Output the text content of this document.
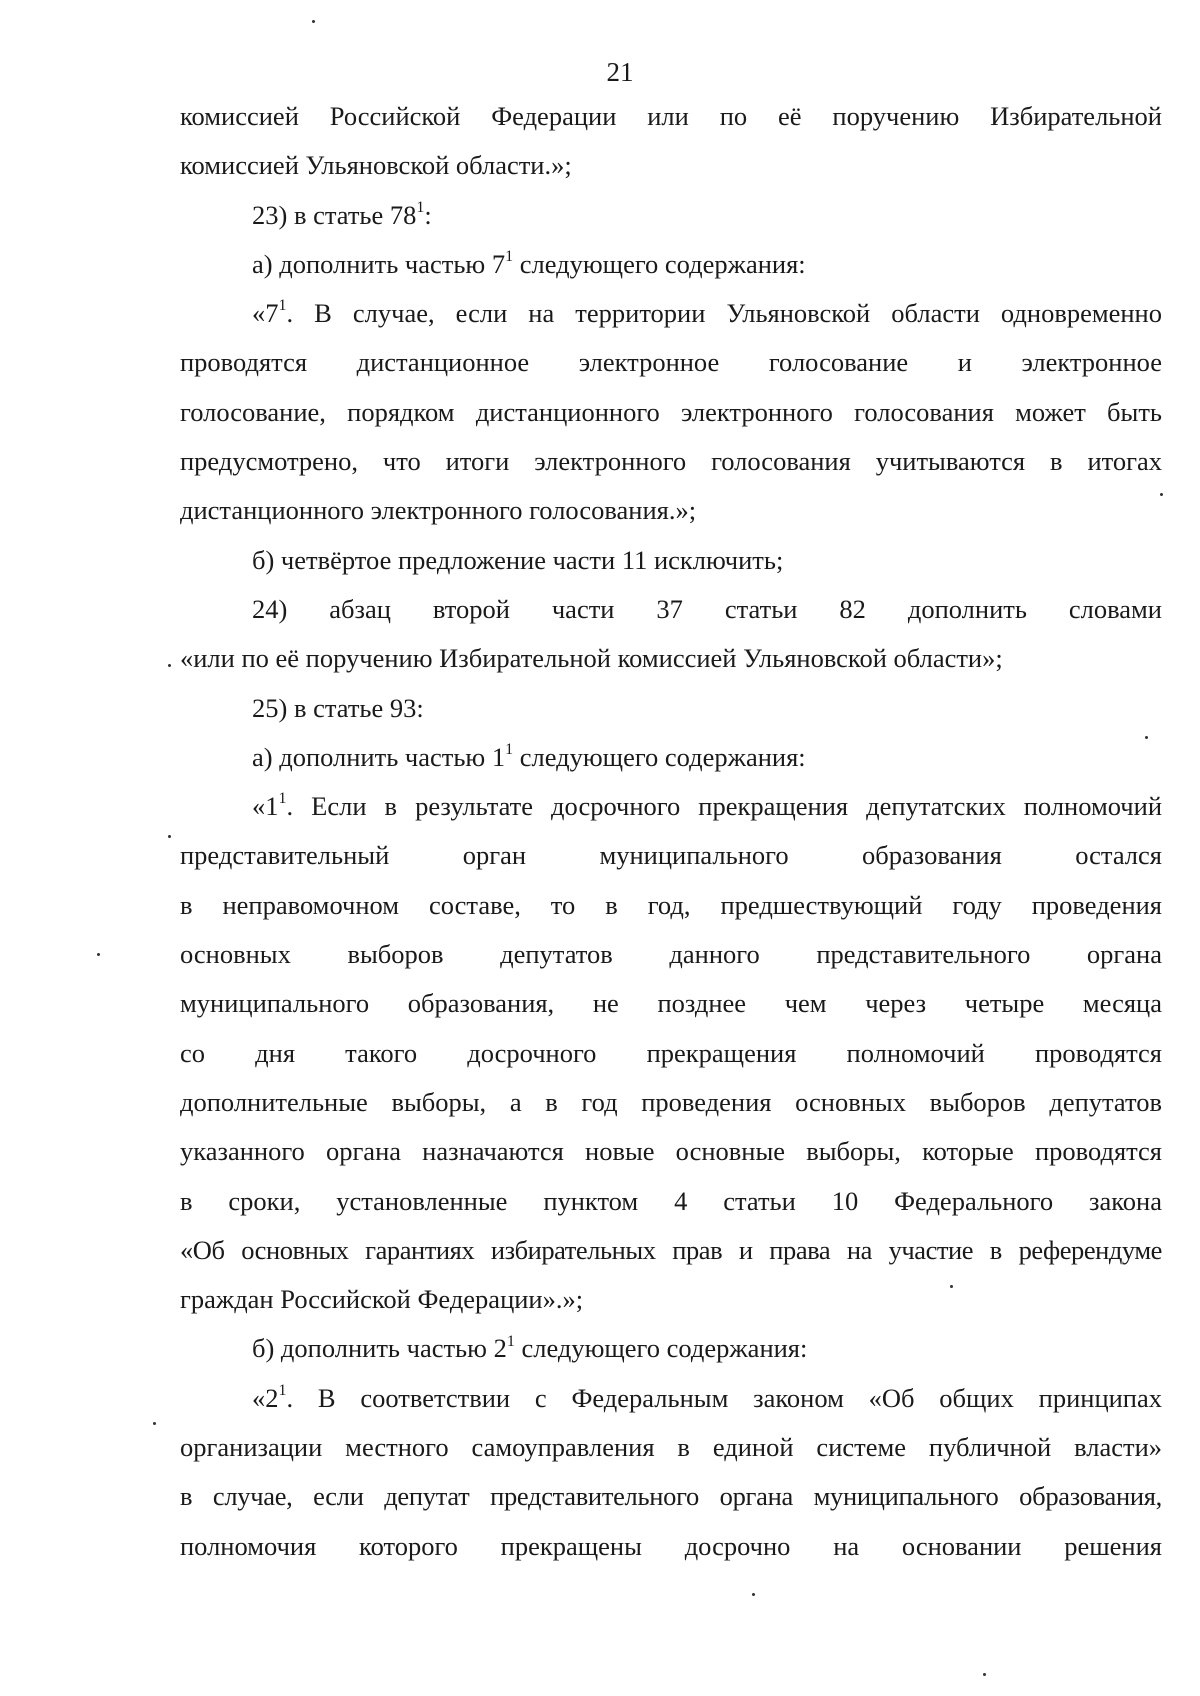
21

комиссией Российской Федерации или по её поручению Избирательной
комиссией Ульяновской области.»;

23) в статье $78^1$:

а) дополнить частью $7^1$ следующего содержания:

«$7^1$. В случае, если на территории Ульяновской области одновременно
проводятся дистанционное электронное голосование и электронное
голосование, порядком дистанционного электронного голосования может быть
предусмотрено, что итоги электронного голосования учитываются в итогах
дистанционного электронного голосования.»;

б) четвёртое предложение части 11 исключить;

24) абзац второй части 37 статьи 82 дополнить словами
«или по её поручению Избирательной комиссией Ульяновской области»;

25) в статье 93:

а) дополнить частью $1^1$ следующего содержания:

«$1^1$. Если в результате досрочного прекращения депутатских полномочий
представительный орган муниципального образования остался
в неправомочном составе, то в год, предшествующий году проведения
основных выборов депутатов данного представительного органа
муниципального образования, не позднее чем через четыре месяца
со дня такого досрочного прекращения полномочий проводятся
дополнительные выборы, а в год проведения основных выборов депутатов
указанного органа назначаются новые основные выборы, которые проводятся
в сроки, установленные пунктом 4 статьи 10 Федерального закона
«Об основных гарантиях избирательных прав и права на участие в референдуме
граждан Российской Федерации».»;

б) дополнить частью $2^1$ следующего содержания:

«$2^1$. В соответствии с Федеральным законом «Об общих принципах
организации местного самоуправления в единой системе публичной власти»
в случае, если депутат представительного органа муниципального образования,
полномочия которого прекращены досрочно на основании решения
